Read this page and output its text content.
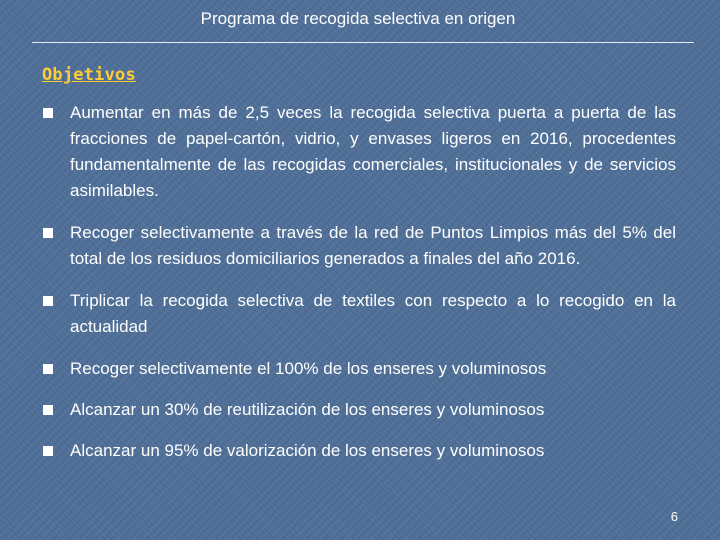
Programa de recogida selectiva en origen
Objetivos
Aumentar en más de 2,5 veces la recogida selectiva puerta a puerta de las fracciones de papel-cartón, vidrio, y envases ligeros en 2016, procedentes fundamentalmente de las recogidas comerciales, institucionales y de servicios asimilables.
Recoger selectivamente a través de la red de Puntos Limpios más del 5% del total de los residuos domiciliarios generados a finales del año 2016.
Triplicar la recogida selectiva de textiles con respecto a lo recogido en la actualidad
Recoger selectivamente el 100% de los enseres y voluminosos
Alcanzar un 30% de reutilización de los enseres y voluminosos
Alcanzar un 95% de valorización de los enseres y voluminosos
6
